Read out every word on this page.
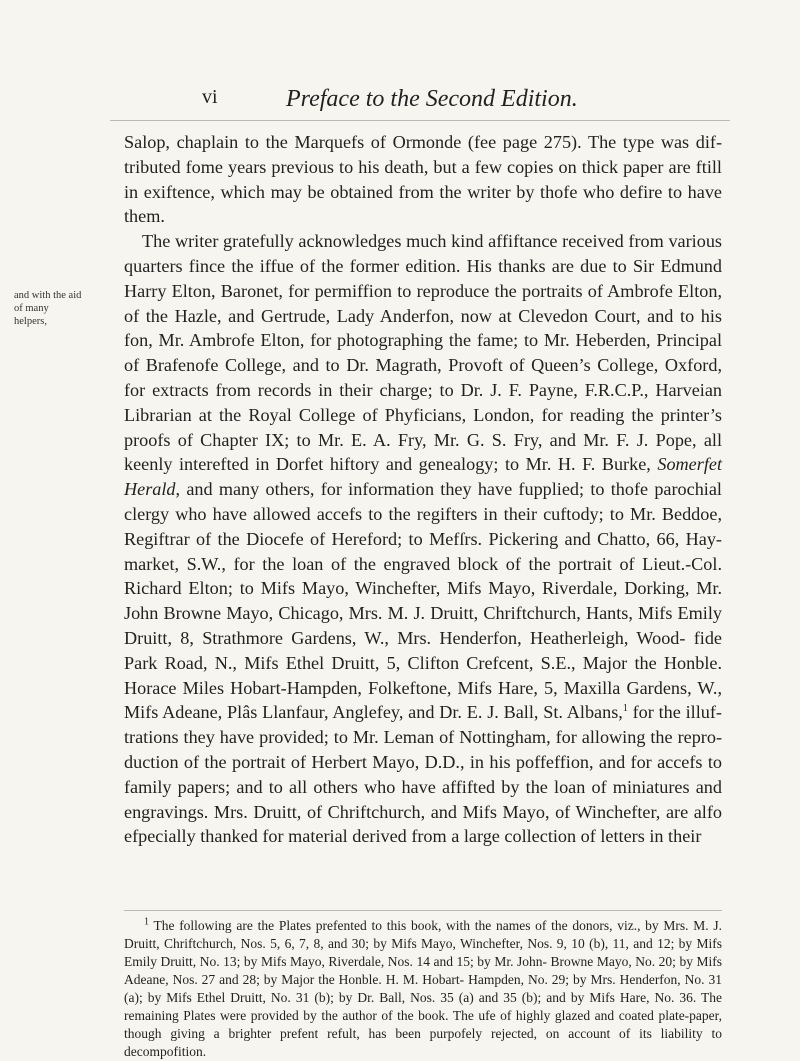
vi	Preface to the Second Edition.
and with the aid of many helpers,

Salop, chaplain to the Marquefs of Ormonde (fee page 275). The type was dif- tributed fome years previous to his death, but a few copies on thick paper are ftill in exiftence, which may be obtained from the writer by thofe who defire to have them.

The writer gratefully acknowledges much kind affiftance received from various quarters fince the iffue of the former edition. His thanks are due to Sir Edmund Harry Elton, Baronet, for permiffion to reproduce the portraits of Ambrofe Elton, of the Hazle, and Gertrude, Lady Anderfon, now at Clevedon Court, and to his fon, Mr. Ambrofe Elton, for photographing the fame; to Mr. Heberden, Principal of Brafenofe College, and to Dr. Magrath, Provoft of Queen’s College, Oxford, for extracts from records in their charge; to Dr. J. F. Payne, F.R.C.P., Harveian Librarian at the Royal College of Phyficians, London, for reading the printer’s proofs of Chapter IX; to Mr. E. A. Fry, Mr. G. S. Fry, and Mr. F. J. Pope, all keenly interefted in Dorfet hiftory and genealogy; to Mr. H. F. Burke, Somerfet Herald, and many others, for information they have fupplied; to thofe parochial clergy who have allowed accefs to the regifters in their cuftody; to Mr. Beddoe, Regiftrar of the Diocefe of Hereford; to Mefſrs. Pickering and Chatto, 66, Hay- market, S.W., for the loan of the engraved block of the portrait of Lieut.-Col. Richard Elton; to Mifs Mayo, Winchefter, Mifs Mayo, Riverdale, Dorking, Mr. John Browne Mayo, Chicago, Mrs. M. J. Druitt, Chriftchurch, Hants, Mifs Emily Druitt, 8, Strathmore Gardens, W., Mrs. Henderfon, Heatherleigh, Wood- fide Park Road, N., Mifs Ethel Druitt, 5, Clifton Crefcent, S.E., Major the Honble. Horace Miles Hobart-Hampden, Folkeftone, Mifs Hare, 5, Maxilla Gardens, W., Mifs Adeane, Plâs Llanfaur, Anglefey, and Dr. E. J. Ball, St. Albans,$^1$ for the illuf- trations they have provided; to Mr. Leman of Nottingham, for allowing the repro- duction of the portrait of Herbert Mayo, D.D., in his poffeffion, and for accefs to family papers; and to all others who have affifted by the loan of miniatures and engravings. Mrs. Druitt, of Chriftchurch, and Mifs Mayo, of Winchefter, are alfo efpecially thanked for material derived from a large collection of letters in their

$^1$ The following are the Plates prefented to this book, with the names of the donors, viz., by Mrs. M. J. Druitt, Chriftchurch, Nos. 5, 6, 7, 8, and 30; by Mifs Mayo, Winchefter, Nos. 9, 10 (b), 11, and 12; by Mifs Emily Druitt, No. 13; by Mifs Mayo, Riverdale, Nos. 14 and 15; by Mr. John- Browne Mayo, No. 20; by Mifs Adeane, Nos. 27 and 28; by Major the Honble. H. M. Hobart- Hampden, No. 29; by Mrs. Henderfon, No. 31 (a); by Mifs Ethel Druitt, No. 31 (b); by Dr. Ball, Nos. 35 (a) and 35 (b); and by Mifs Hare, No. 36. The remaining Plates were provided by the author of the book. The ufe of highly glazed and coated plate-paper, though giving a brighter prefent refult, has been purpofely rejected, on account of its liability to decompofition.
